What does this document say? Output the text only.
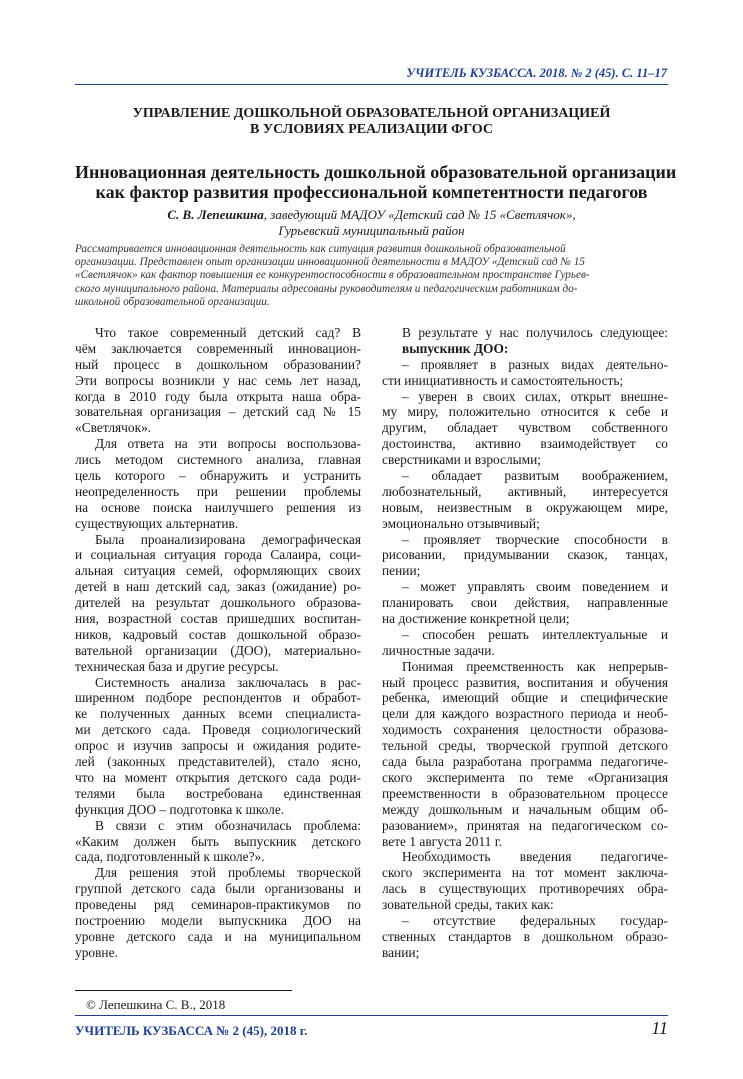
УЧИТЕЛЬ КУЗБАССА. 2018. № 2 (45). С. 11–17
УПРАВЛЕНИЕ ДОШКОЛЬНОЙ ОБРАЗОВАТЕЛЬНОЙ ОРГАНИЗАЦИЕЙ
В УСЛОВИЯХ РЕАЛИЗАЦИИ ФГОС
Инновационная деятельность дошкольной образовательной организации
как фактор развития профессиональной компетентности педагогов
С. В. Лепешкина, заведующий МАДОУ «Детский сад № 15 «Светлячок»,
Гурьевский муниципальный район
Рассматривается инновационная деятельность как ситуация развития дошкольной образовательной
организации. Представлен опыт организации инновационной деятельности в МАДОУ «Детский сад № 15
«Светлячок» как фактор повышения ее конкурентоспособности в образовательном пространстве Гурьев-
ского муниципального района. Материалы адресованы руководителям и педагогическим работникам до-
школьной образовательной организации.
Что такое современный детский сад? В
чём заключается современный инновацион-
ный процесс в дошкольном образовании?
Эти вопросы возникли у нас семь лет назад,
когда в 2010 году была открыта наша обра-
зовательная организация – детский сад № 15
«Светлячок».
Для ответа на эти вопросы воспользова-
лись методом системного анализа, главная
цель которого – обнаружить и устранить
неопределенность при решении проблемы
на основе поиска наилучшего решения из
существующих альтернатив.
Была проанализирована демографическая
и социальная ситуация города Салаира, соци-
альная ситуация семей, оформляющих своих
детей в наш детский сад, заказ (ожидание) ро-
дителей на результат дошкольного образова-
ния, возрастной состав пришедших воспитан-
ников, кадровый состав дошкольной образо-
вательной организации (ДОО), материально-
техническая база и другие ресурсы.
Системность анализа заключалась в рас-
ширенном подборе респондентов и обработ-
ке полученных данных всеми специалиста-
ми детского сада. Проведя социологический
опрос и изучив запросы и ожидания родите-
лей (законных представителей), стало ясно,
что на момент открытия детского сада роди-
телями была востребована единственная
функция ДОО – подготовка к школе.
В связи с этим обозначилась проблема:
«Каким должен быть выпускник детского
сада, подготовленный к школе?».
Для решения этой проблемы творческой
группой детского сада были организованы и
проведены ряд семинаров-практикумов по
построению модели выпускника ДОО на
уровне детского сада и на муниципальном
уровне.
В результате у нас получилось следующее:
выпускник ДОО:
– проявляет в разных видах деятельно-
сти инициативность и самостоятельность;
– уверен в своих силах, открыт внешне-
му миру, положительно относится к себе и
другим, обладает чувством собственного
достоинства, активно взаимодействует со
сверстниками и взрослыми;
– обладает развитым воображением,
любознательный, активный, интересуется
новым, неизвестным в окружающем мире,
эмоционально отзывчивый;
– проявляет творческие способности в
рисовании, придумывании сказок, танцах,
пении;
– может управлять своим поведением и
планировать свои действия, направленные
на достижение конкретной цели;
– способен решать интеллектуальные и
личностные задачи.
Понимая преемственность как непрерыв-
ный процесс развития, воспитания и обучения
ребенка, имеющий общие и специфические
цели для каждого возрастного периода и необ-
ходимость сохранения целостности образова-
тельной среды, творческой группой детского
сада была разработана программа педагогиче-
ского эксперимента по теме «Организация
преемственности в образовательном процессе
между дошкольным и начальным общим об-
разованием», принятая на педагогическом со-
вете 1 августа 2011 г.
Необходимость введения педагогиче-
ского эксперимента на тот момент заключа-
лась в существующих противоречиях обра-
зовательной среды, таких как:
– отсутствие федеральных государ-
ственных стандартов в дошкольном образо-
вании;
© Лепешкина С. В., 2018
УЧИТЕЛЬ КУЗБАССА № 2 (45), 2018 г.	11
